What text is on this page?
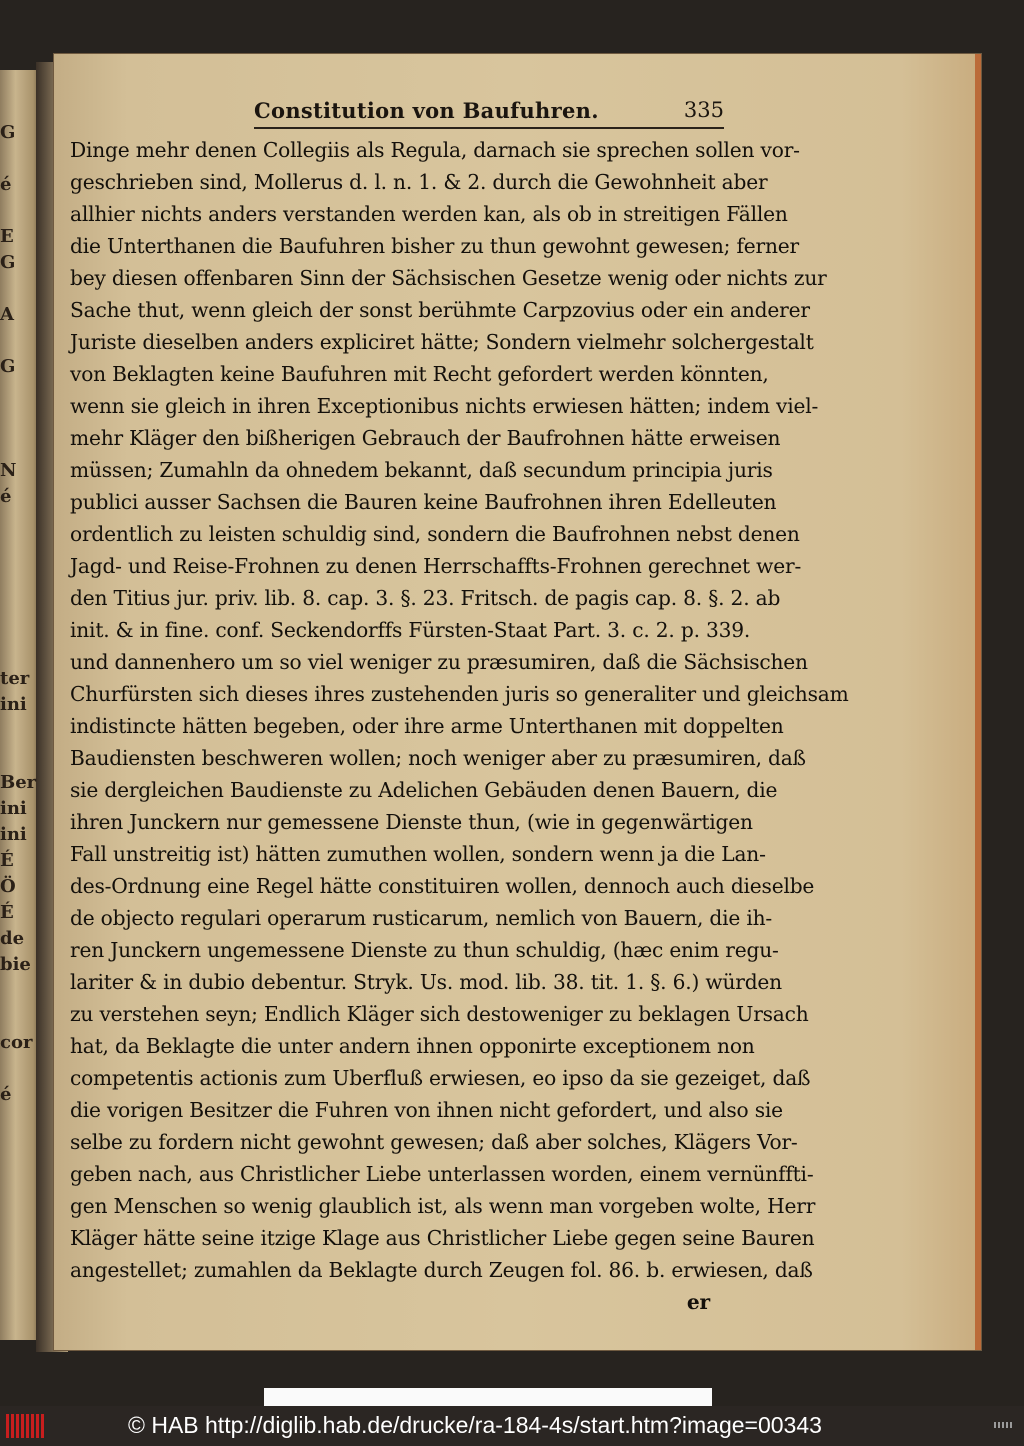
Constitution von Baufuhren.	335
Dinge mehr denen Collegiis als Regula, darnach sie sprechen sollen vor-
geschrieben sind, Mollerus d. l. n. 1. & 2. durch die Gewohnheit aber
allhier nichts anders verstanden werden kan, als ob in streitigen Fällen
die Unterthanen die Baufuhren bisher zu thun gewohnt gewesen; ferner
bey diesen offenbaren Sinn der Sächsischen Gesetze wenig oder nichts zur
Sache thut, wenn gleich der sonst berühmte Carpzovius oder ein anderer
Juriste dieselben anders expliciret hätte; Sondern vielmehr solchergestalt
von Beklagten keine Baufuhren mit Recht gefordert werden könnten,
wenn sie gleich in ihren Exceptionibus nichts erwiesen hätten; indem viel-
mehr Kläger den bißherigen Gebrauch der Baufrohnen hätte erweisen
müssen; Zumahln da ohnedem bekannt, daß secundum principia juris
publici ausser Sachsen die Bauren keine Baufrohnen ihren Edelleuten
ordentlich zu leisten schuldig sind, sondern die Baufrohnen nebst denen
Jagd- und Reise-Frohnen zu denen Herrschaffts-Frohnen gerechnet wer-
den Titius jur. priv. lib. 8. cap. 3. §. 23. Fritsch. de pagis cap. 8. §. 2. ab
init. & in fine. conf. Seckendorffs Fürsten-Staat Part. 3. c. 2. p. 339.
und dannenhero um so viel weniger zu præsumiren, daß die Sächsischen
Churfürsten sich dieses ihres zustehenden juris so generaliter und gleichsam
indistincte hätten begeben, oder ihre arme Unterthanen mit doppelten
Baudiensten beschweren wollen; noch weniger aber zu præsumiren, daß
sie dergleichen Baudienste zu Adelichen Gebäuden denen Bauern, die
ihren Junckern nur gemessene Dienste thun, (wie in gegenwärtigen
Fall unstreitig ist) hätten zumuthen wollen, sondern wenn ja die Lan-
des-Ordnung eine Regel hätte constituiren wollen, dennoch auch dieselbe
de objecto regulari operarum rusticarum, nemlich von Bauern, die ih-
ren Junckern ungemessene Dienste zu thun schuldig, (hæc enim regu-
lariter & in dubio debentur. Stryk. Us. mod. lib. 38. tit. 1. §. 6.) würden
zu verstehen seyn; Endlich Kläger sich destoweniger zu beklagen Ursach
hat, da Beklagte die unter andern ihnen opponirte exceptionem non
competentis actionis zum Uberfluß erwiesen, eo ipso da sie gezeiget, daß
die vorigen Besitzer die Fuhren von ihnen nicht gefordert, und also sie
selbe zu fordern nicht gewohnt gewesen; daß aber solches, Klägers Vor-
geben nach, aus Christlicher Liebe unterlassen worden, einem vernünffti-
gen Menschen so wenig glaublich ist, als wenn man vorgeben wolte, Herr
Kläger hätte seine itzige Klage aus Christlicher Liebe gegen seine Bauren
angestellet; zumahlen da Beklagte durch Zeugen fol. 86. b. erwiesen, daß
er
G

é

E
G

A

G

N
é

ter
ini

Ber
ini
ini
É
Ö
É
de
bie

cor

é
© HAB http://diglib.hab.de/drucke/ra-184-4s/start.htm?image=00343
